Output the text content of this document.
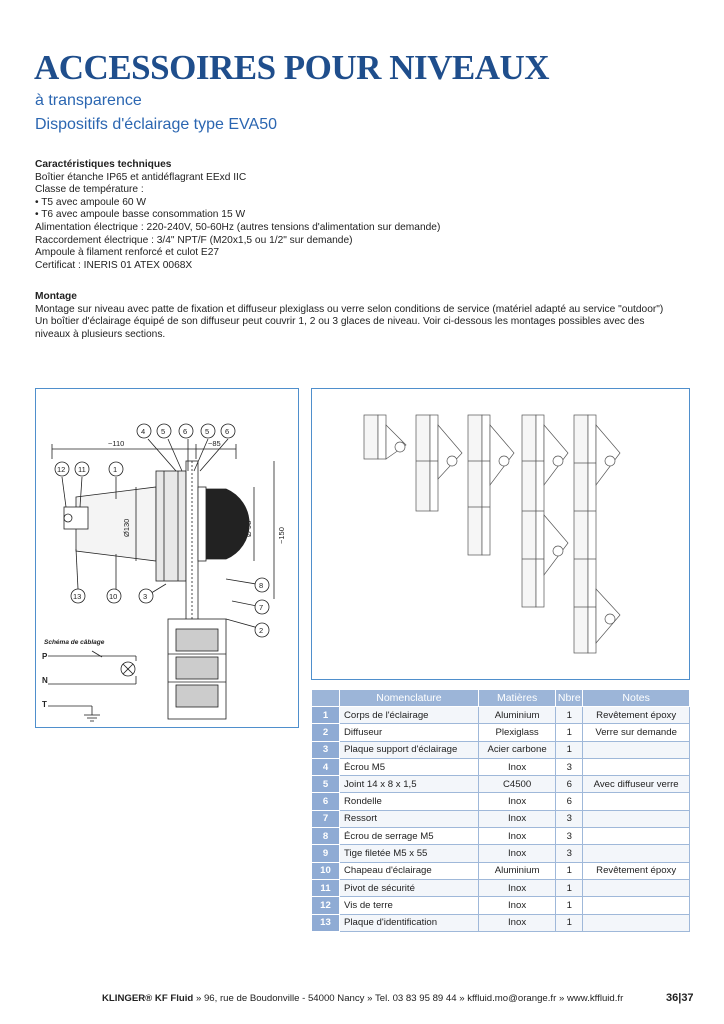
ACCESSOIRES POUR NIVEAUX
à transparence
Dispositifs d'éclairage type EVA50
Caractéristiques techniques
Boîtier étanche IP65 et antidéflagrant EExd IIC
Classe de température :
• T5 avec ampoule 60 W
• T6 avec ampoule basse consommation 15 W
Alimentation électrique : 220-240V, 50-60Hz (autres tensions d'alimentation sur demande)
Raccordement électrique : 3/4" NPT/F (M20x1,5 ou 1/2" sur demande)
Ampoule à filament renforcé et culot E27
Certificat : INERIS 01 ATEX 0068X
Montage
Montage sur niveau avec patte de fixation et diffuseur plexiglass ou verre selon conditions de service (matériel adapté au service "outdoor")
Un boîtier d'éclairage équipé de son diffuseur peut couvrir 1, 2 ou 3 glaces de niveau. Voir ci-dessous les montages possibles avec des
niveaux à plusieurs sections.
~110	~85
Ø130	Ø 98	~150
4 5 6 5 6
12 11	1
13	10	3
8
7
2
Schéma de câblage
P
N
T
	Nomenclature	Matières	Nbre	Notes
1	Corps de l'éclairage	Aluminium	1	Revêtement époxy
2	Diffuseur	Plexiglass	1	Verre sur demande
3	Plaque support d'éclairage	Acier carbone	1	
4	Écrou M5	Inox	3	
5	Joint 14 x 8 x 1,5	C4500	6	Avec diffuseur verre
6	Rondelle	Inox	6	
7	Ressort	Inox	3	
8	Écrou de serrage M5	Inox	3	
9	Tige filetée M5 x 55	Inox	3	
10	Chapeau d'éclairage	Aluminium	1	Revêtement époxy
11	Pivot de sécurité	Inox	1	
12	Vis de terre	Inox	1	
13	Plaque d'identification	Inox	1	
KLINGER® KF Fluid » 96, rue de Boudonville - 54000 Nancy » Tel. 03 83 95 89 44 » kffluid.mo@orange.fr » www.kffluid.fr	36|37
